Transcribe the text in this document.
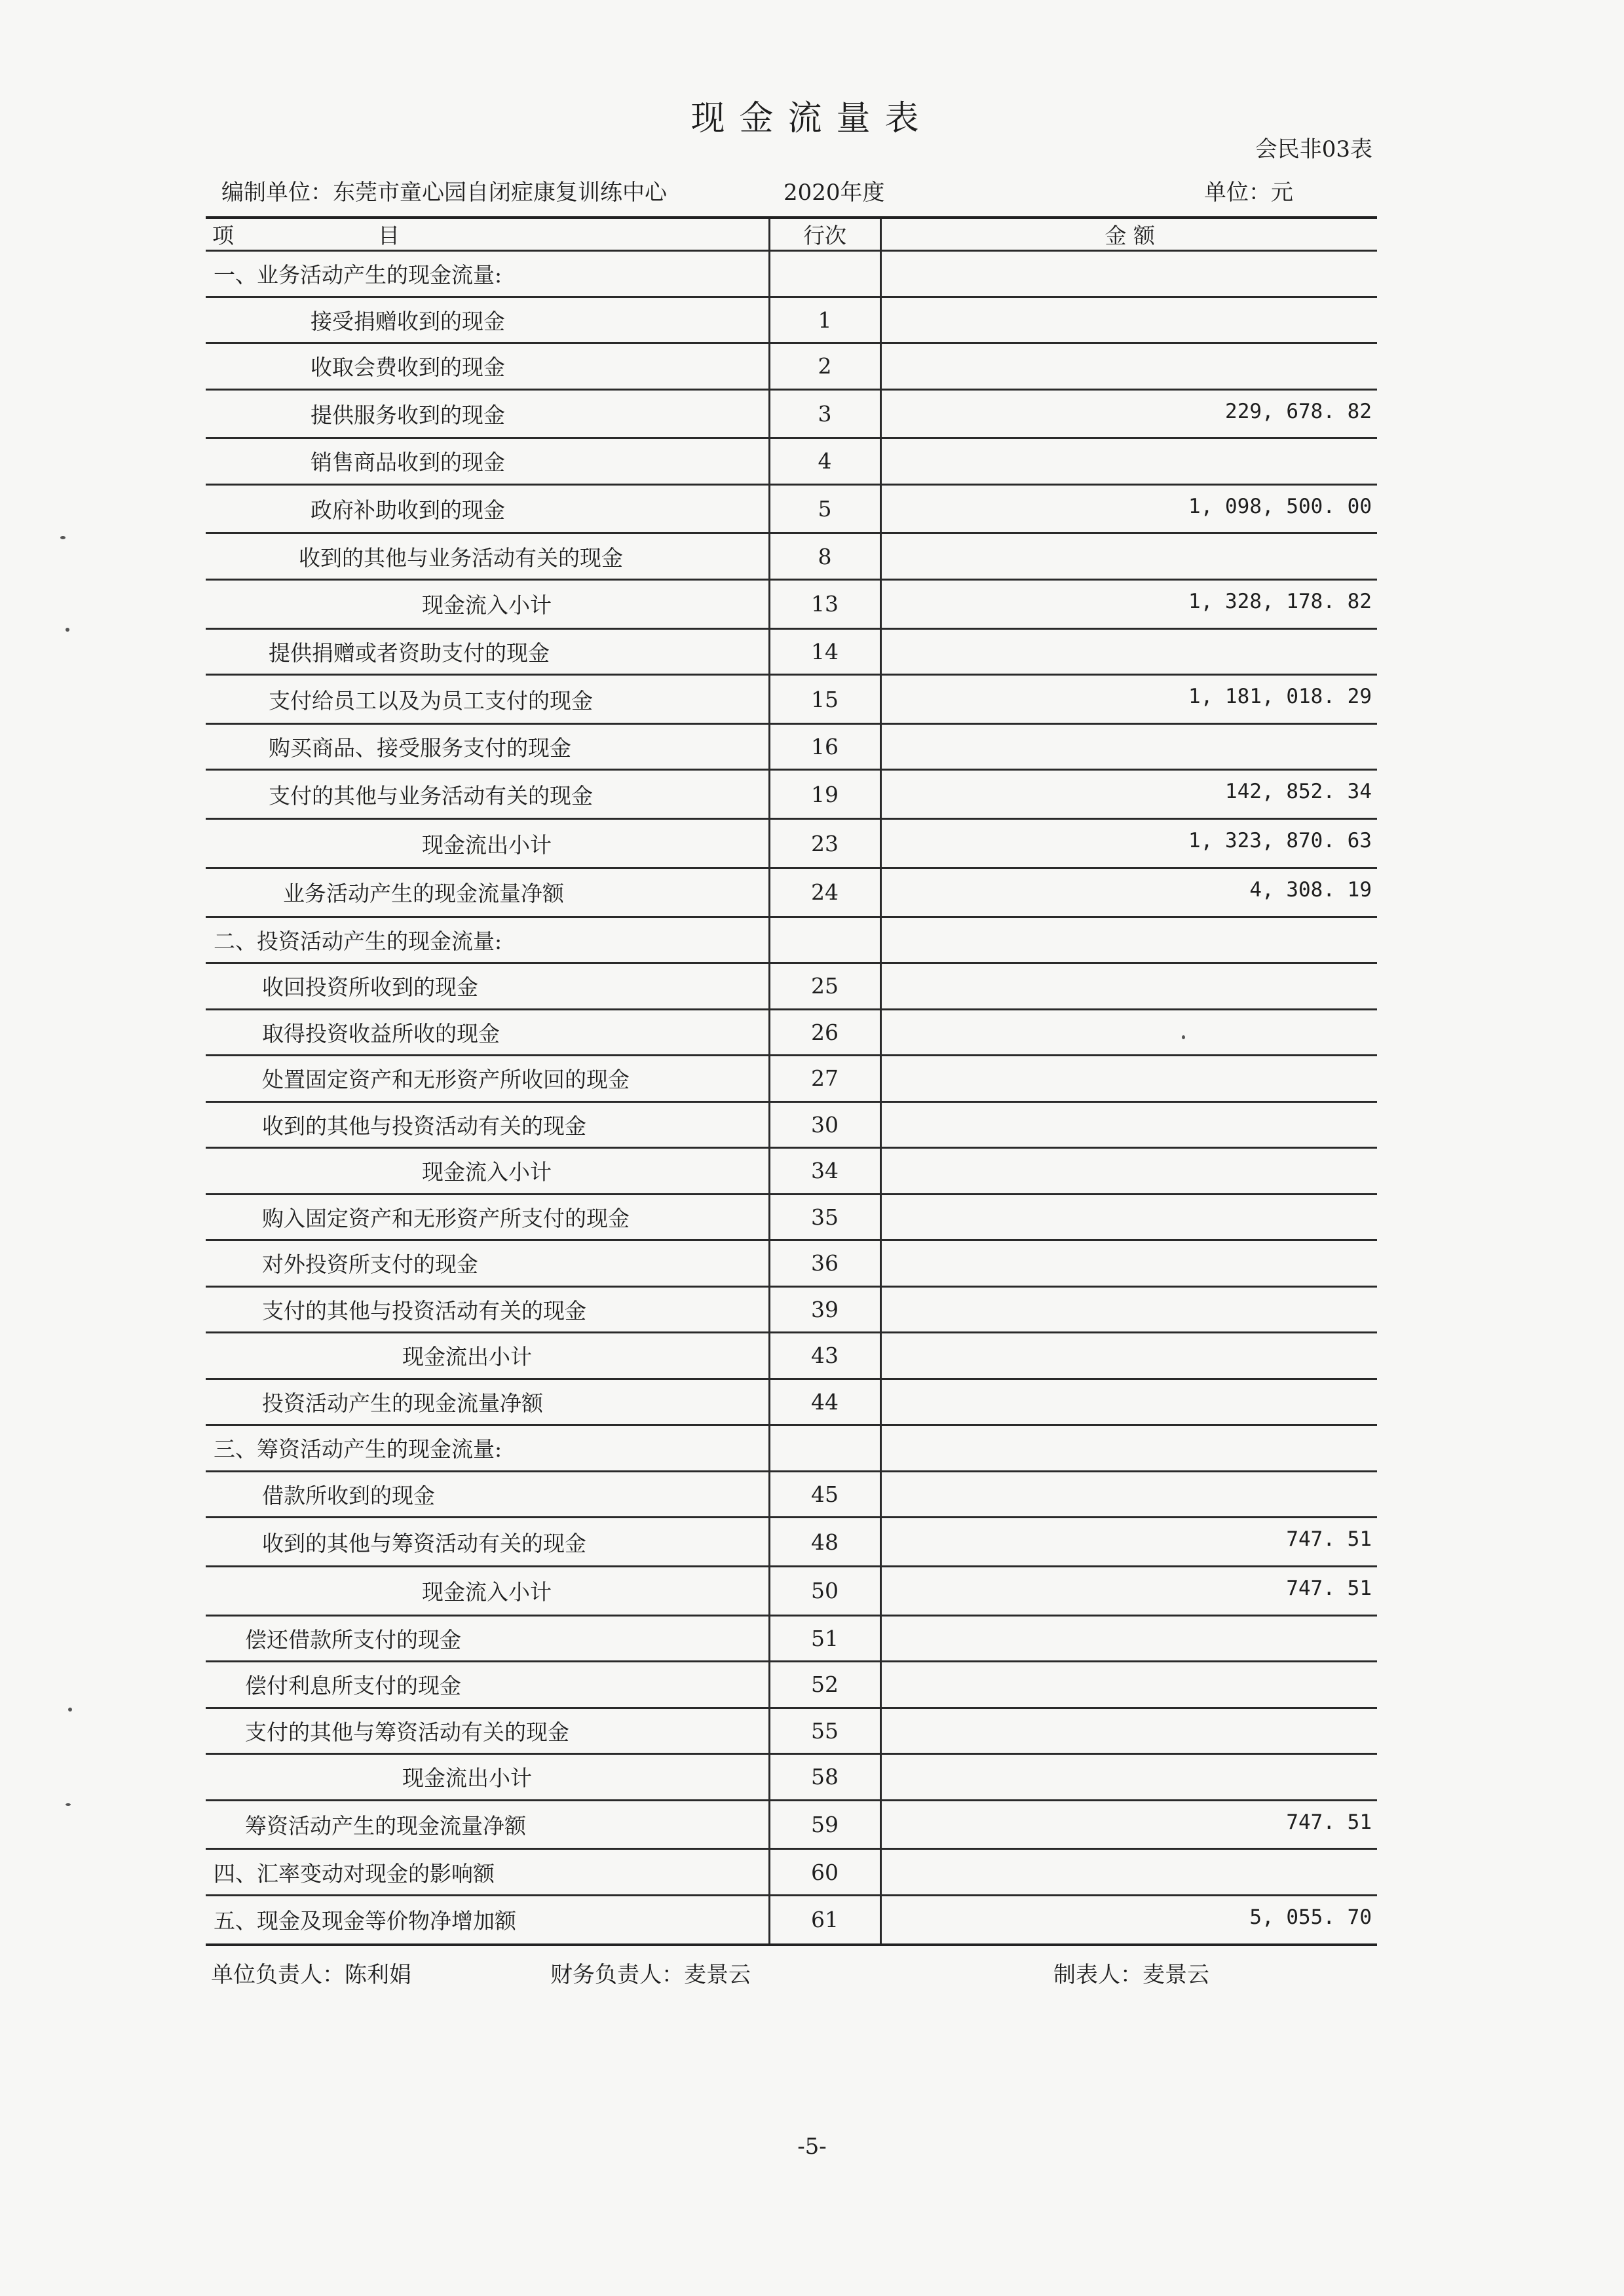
现金流量表
会民非03表
编制单位：东莞市童心园自闭症康复训练中心	2020年度	单位：元
项 目	行次	金 额
一、业务活动产生的现金流量:		
接受捐赠收到的现金	1	
收取会费收到的现金	2	
提供服务收到的现金	3	229, 678. 82
销售商品收到的现金	4	
政府补助收到的现金	5	1, 098, 500. 00
收到的其他与业务活动有关的现金	8	
现金流入小计	13	1, 328, 178. 82
提供捐赠或者资助支付的现金	14	
支付给员工以及为员工支付的现金	15	1, 181, 018. 29
购买商品、接受服务支付的现金	16	
支付的其他与业务活动有关的现金	19	142, 852. 34
现金流出小计	23	1, 323, 870. 63
业务活动产生的现金流量净额	24	4, 308. 19
二、投资活动产生的现金流量:		
收回投资所收到的现金	25	
取得投资收益所收的现金	26	
处置固定资产和无形资产所收回的现金	27	
收到的其他与投资活动有关的现金	30	
现金流入小计	34	
购入固定资产和无形资产所支付的现金	35	
对外投资所支付的现金	36	
支付的其他与投资活动有关的现金	39	
现金流出小计	43	
投资活动产生的现金流量净额	44	
三、筹资活动产生的现金流量:		
借款所收到的现金	45	
收到的其他与筹资活动有关的现金	48	747. 51
现金流入小计	50	747. 51
偿还借款所支付的现金	51	
偿付利息所支付的现金	52	
支付的其他与筹资活动有关的现金	55	
现金流出小计	58	
筹资活动产生的现金流量净额	59	747. 51
四、汇率变动对现金的影响额	60	
五、现金及现金等价物净增加额	61	5, 055. 70
单位负责人：陈利娟	财务负责人：麦景云	制表人：麦景云
-5-
